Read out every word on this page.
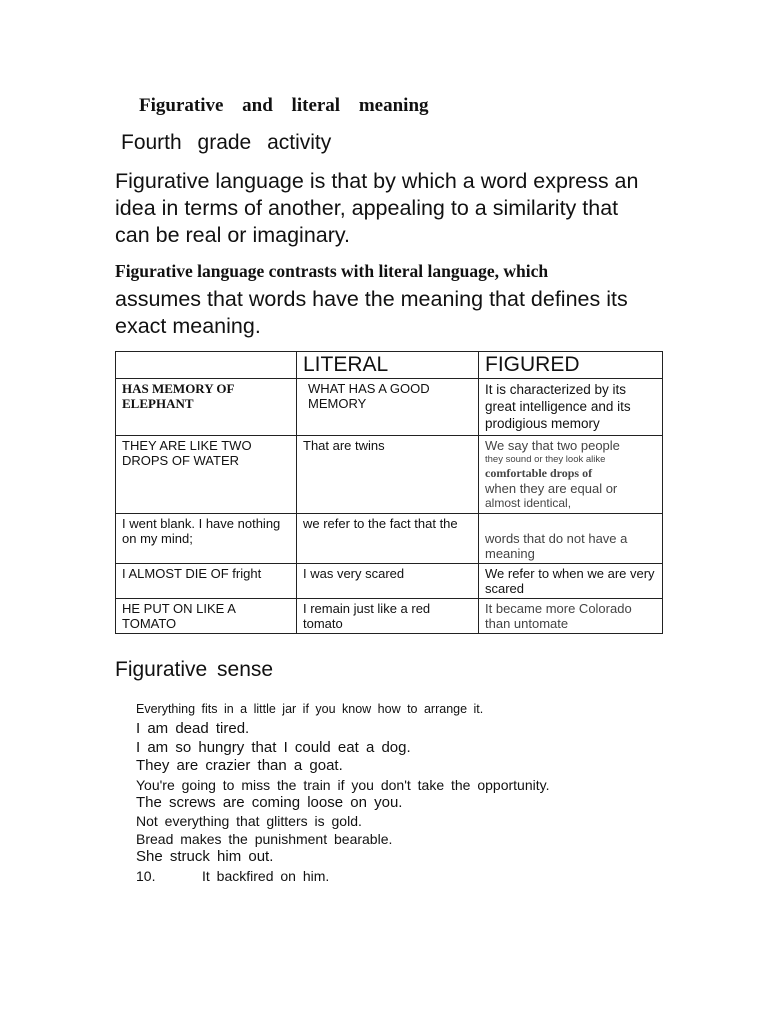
Figurative and literal meaning
Fourth grade activity
Figurative language is that by which a word express an idea in terms of another, appealing to a similarity that can be real or imaginary.
Figurative language contrasts with literal language, which
assumes that words have the meaning that defines its exact meaning.
	LITERAL	FIGURED
HAS MEMORY OF ELEPHANT	WHAT HAS A GOOD MEMORY	It is characterized by its great intelligence and its prodigious memory
THEY ARE LIKE TWO DROPS OF WATER	That are twins	We say that two people
they sound or they look alike
comfortable drops of
when they are equal or
almost identical,

I went blank. I have nothing on my mind;	we refer to the fact that the	words that do not have a meaning
I ALMOST DIE OF fright	I was very scared	We refer to when we are very scared
HE PUT ON LIKE A TOMATO	I remain just like a red tomato	It became more Colorado than untomate
Figurative sense
Everything fits in a little jar if you know how to arrange it.
I am dead tired.
I am so hungry that I could eat a dog.
They are crazier than a goat.
You're going to miss the train if you don't take the opportunity.
The screws are coming loose on you.
Not everything that glitters is gold.
Bread makes the punishment bearable.
She struck him out.
10.	It backfired on him.
